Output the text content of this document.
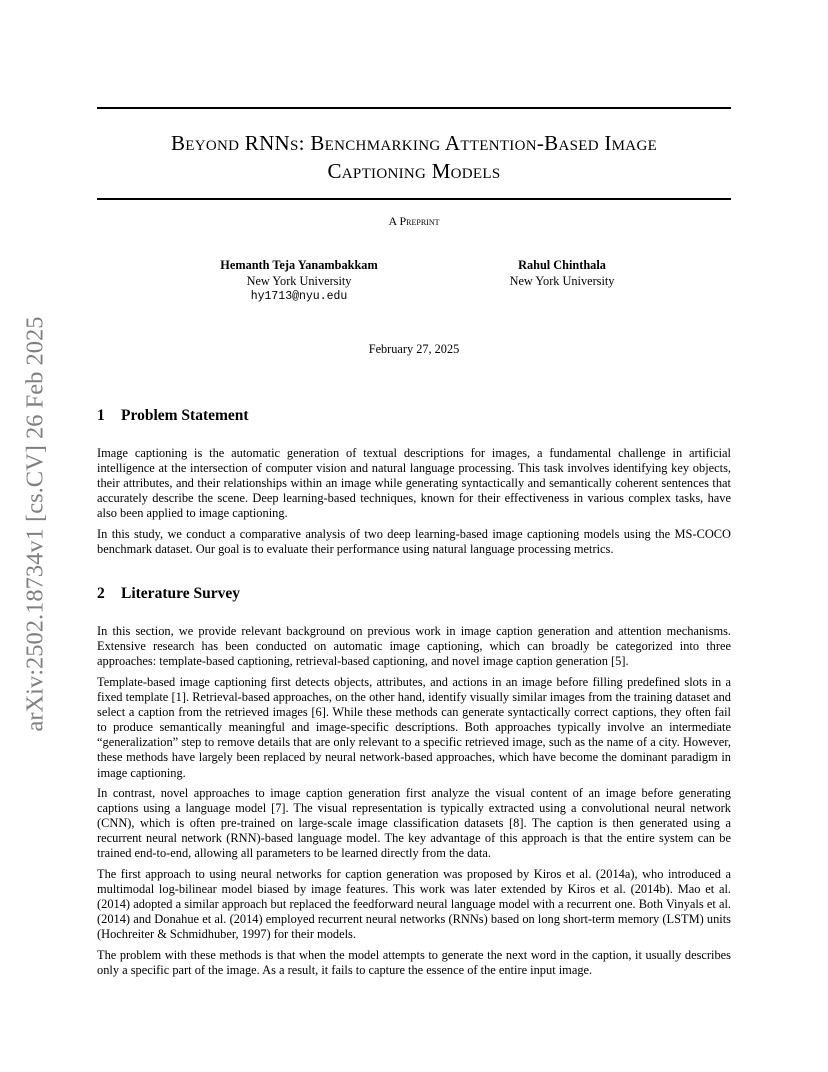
arXiv:2502.18734v1 [cs.CV] 26 Feb 2025
Beyond RNNs: Benchmarking Attention-Based Image
Captioning Models
A Preprint
Hemanth Teja Yanambakkam
New York University
hy1713@nyu.edu
Rahul Chinthala
New York University
February 27, 2025
1 Problem Statement

Image captioning is the automatic generation of textual descriptions for images, a fundamental challenge in artificial intelligence at the intersection of computer vision and natural language processing. This task involves identifying key objects, their attributes, and their relationships within an image while generating syntactically and semantically coherent sentences that accurately describe the scene. Deep learning-based techniques, known for their effectiveness in various complex tasks, have also been applied to image captioning.

In this study, we conduct a comparative analysis of two deep learning-based image captioning models using the MS-COCO benchmark dataset. Our goal is to evaluate their performance using natural language processing metrics.

2 Literature Survey

In this section, we provide relevant background on previous work in image caption generation and attention mechanisms. Extensive research has been conducted on automatic image captioning, which can broadly be categorized into three approaches: template-based captioning, retrieval-based captioning, and novel image caption generation [5].

Template-based image captioning first detects objects, attributes, and actions in an image before filling predefined slots in a fixed template [1]. Retrieval-based approaches, on the other hand, identify visually similar images from the training dataset and select a caption from the retrieved images [6]. While these methods can generate syntactically correct captions, they often fail to produce semantically meaningful and image-specific descriptions. Both approaches typically involve an intermediate “generalization” step to remove details that are only relevant to a specific retrieved image, such as the name of a city. However, these methods have largely been replaced by neural network-based approaches, which have become the dominant paradigm in image captioning.

In contrast, novel approaches to image caption generation first analyze the visual content of an image before generating captions using a language model [7]. The visual representation is typically extracted using a convolutional neural network (CNN), which is often pre-trained on large-scale image classification datasets [8]. The caption is then generated using a recurrent neural network (RNN)-based language model. The key advantage of this approach is that the entire system can be trained end-to-end, allowing all parameters to be learned directly from the data.

The first approach to using neural networks for caption generation was proposed by Kiros et al. (2014a), who introduced a multimodal log-bilinear model biased by image features. This work was later extended by Kiros et al. (2014b). Mao et al. (2014) adopted a similar approach but replaced the feedforward neural language model with a recurrent one. Both Vinyals et al. (2014) and Donahue et al. (2014) employed recurrent neural networks (RNNs) based on long short-term memory (LSTM) units (Hochreiter & Schmidhuber, 1997) for their models.

The problem with these methods is that when the model attempts to generate the next word in the caption, it usually describes only a specific part of the image. As a result, it fails to capture the essence of the entire input image.
